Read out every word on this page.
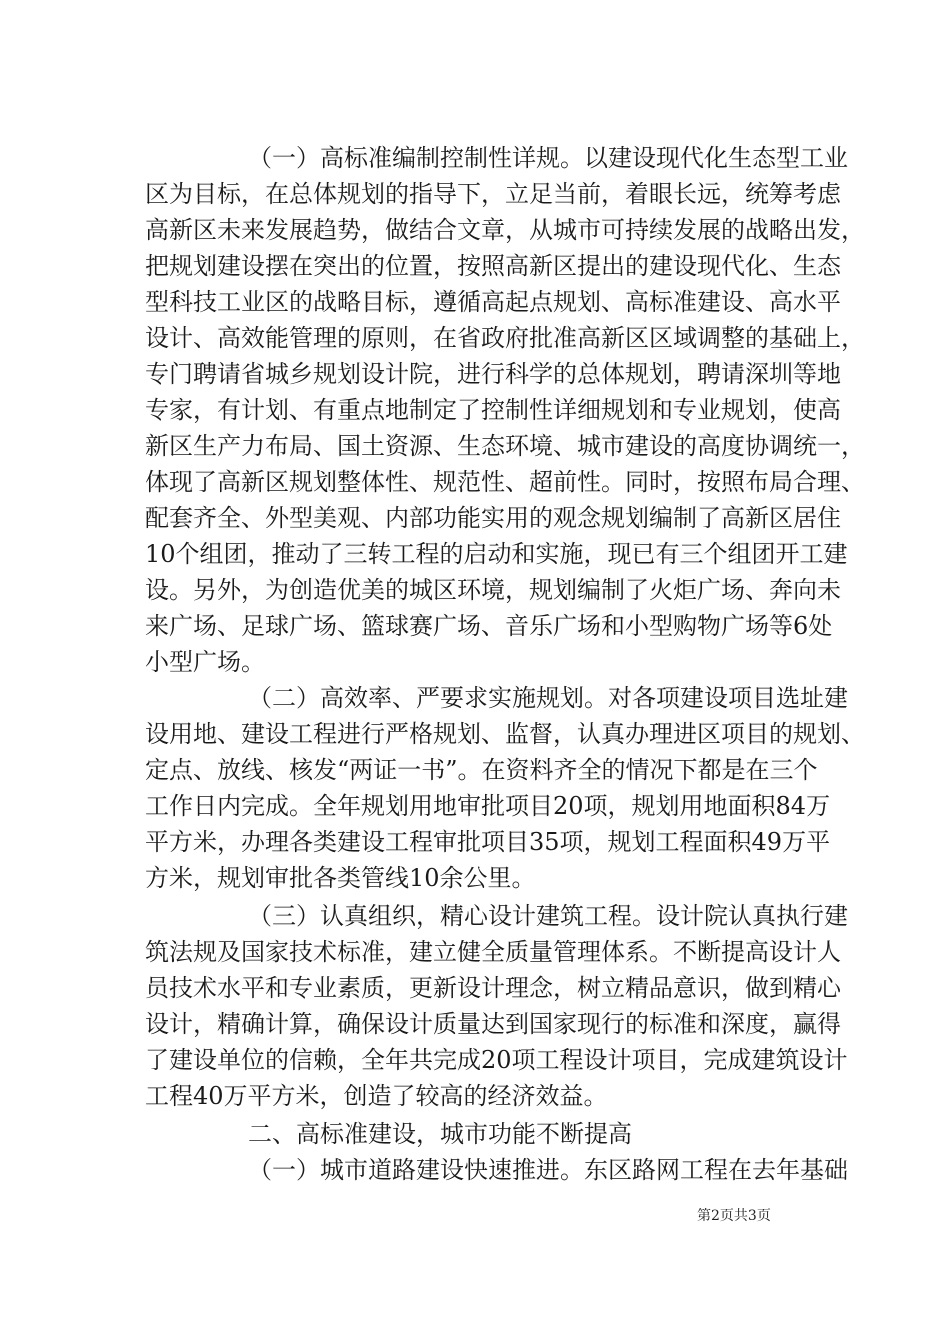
（一）高标准编制控制性详规。以建设现代化生态型工业
区为目标，在总体规划的指导下，立足当前，着眼长远，统筹考虑
高新区未来发展趋势，做结合文章，从城市可持续发展的战略出发，
把规划建设摆在突出的位置，按照高新区提出的建设现代化、生态
型科技工业区的战略目标，遵循高起点规划、高标准建设、高水平
设计、高效能管理的原则，在省政府批准高新区区域调整的基础上，
专门聘请省城乡规划设计院，进行科学的总体规划，聘请深圳等地
专家，有计划、有重点地制定了控制性详细规划和专业规划，使高
新区生产力布局、国土资源、生态环境、城市建设的高度协调统一，
体现了高新区规划整体性、规范性、超前性。同时，按照布局合理、
配套齐全、外型美观、内部功能实用的观念规划编制了高新区居住
10个组团，推动了三转工程的启动和实施，现已有三个组团开工建
设。另外，为创造优美的城区环境，规划编制了火炬广场、奔向未
来广场、足球广场、篮球赛广场、音乐广场和小型购物广场等6处
小型广场。
（二）高效率、严要求实施规划。对各项建设项目选址建
设用地、建设工程进行严格规划、监督，认真办理进区项目的规划、
定点、放线、核发“两证一书”。在资料齐全的情况下都是在三个
工作日内完成。全年规划用地审批项目20项，规划用地面积84万
平方米，办理各类建设工程审批项目35项，规划工程面积49万平
方米，规划审批各类管线10余公里。
（三）认真组织，精心设计建筑工程。设计院认真执行建
筑法规及国家技术标准，建立健全质量管理体系。不断提高设计人
员技术水平和专业素质，更新设计理念，树立精品意识，做到精心
设计，精确计算，确保设计质量达到国家现行的标准和深度，赢得
了建设单位的信赖，全年共完成20项工程设计项目，完成建筑设计
工程40万平方米，创造了较高的经济效益。
二、高标准建设，城市功能不断提高
（一）城市道路建设快速推进。东区路网工程在去年基础
第2页共3页
